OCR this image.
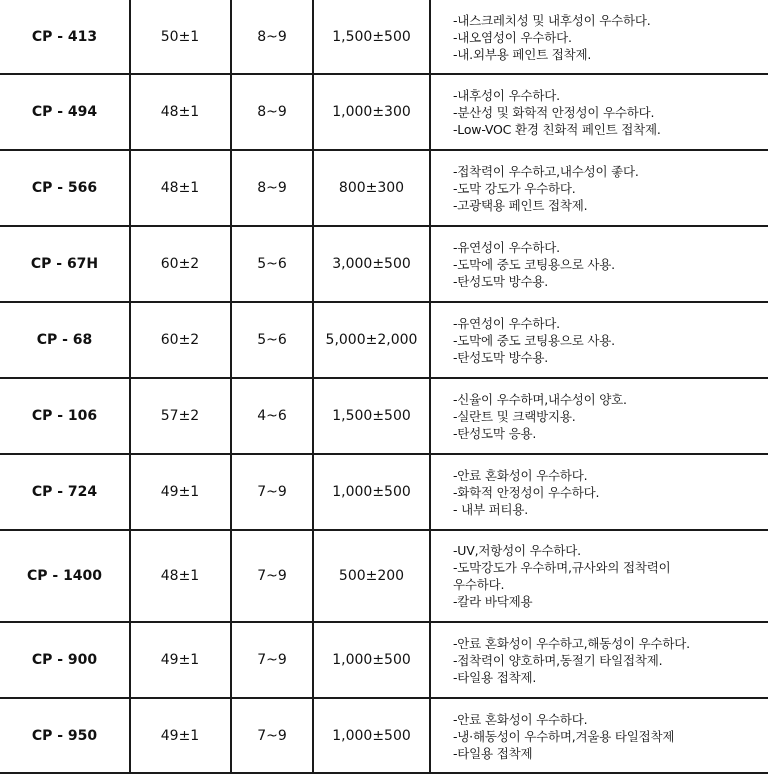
CP - 413	50±1	8~9	1,500±500
-내스크레치성 및 내후성이 우수하다.
-내오염성이 우수하다.
-내.외부용 페인트 접착제.
CP - 494	48±1	8~9	1,000±300
-내후성이 우수하다.
-분산성 및 화학적 안정성이 우수하다.
-Low-VOC 환경 친화적 페인트 접착제.
CP - 566	48±1	8~9	800±300
-접착력이 우수하고,내수성이 좋다.
-도막 강도가 우수하다.
-고광택용 페인트 접착제.
CP - 67H	60±2	5~6	3,000±500
-유연성이 우수하다.
-도막에 중도 코팅용으로 사용.
-탄성도막 방수용.
CP - 68	60±2	5~6	5,000±2,000
-유연성이 우수하다.
-도막에 중도 코팅용으로 사용.
-탄성도막 방수용.
CP - 106	57±2	4~6	1,500±500
-신율이 우수하며,내수성이 양호.
-실란트 및 크랙방지용.
-탄성도막 응용.
CP - 724	49±1	7~9	1,000±500
-안료 혼화성이 우수하다.
-화학적 안정성이 우수하다.
- 내부 퍼티용.
CP - 1400	48±1	7~9	500±200
-UV,저항성이 우수하다.
-도막강도가 우수하며,규사와의 접착력이
우수하다.
-칼라 바닥제용
CP - 900	49±1	7~9	1,000±500
-안료 혼화성이 우수하고,해동성이 우수하다.
-접착력이 양호하며,동절기 타일접착제.
-타일용 접착제.
CP - 950	49±1	7~9	1,000±500
-안료 혼화성이 우수하다.
-냉·해동성이 우수하며,겨울용 타일접착제
-타일용 접착제
